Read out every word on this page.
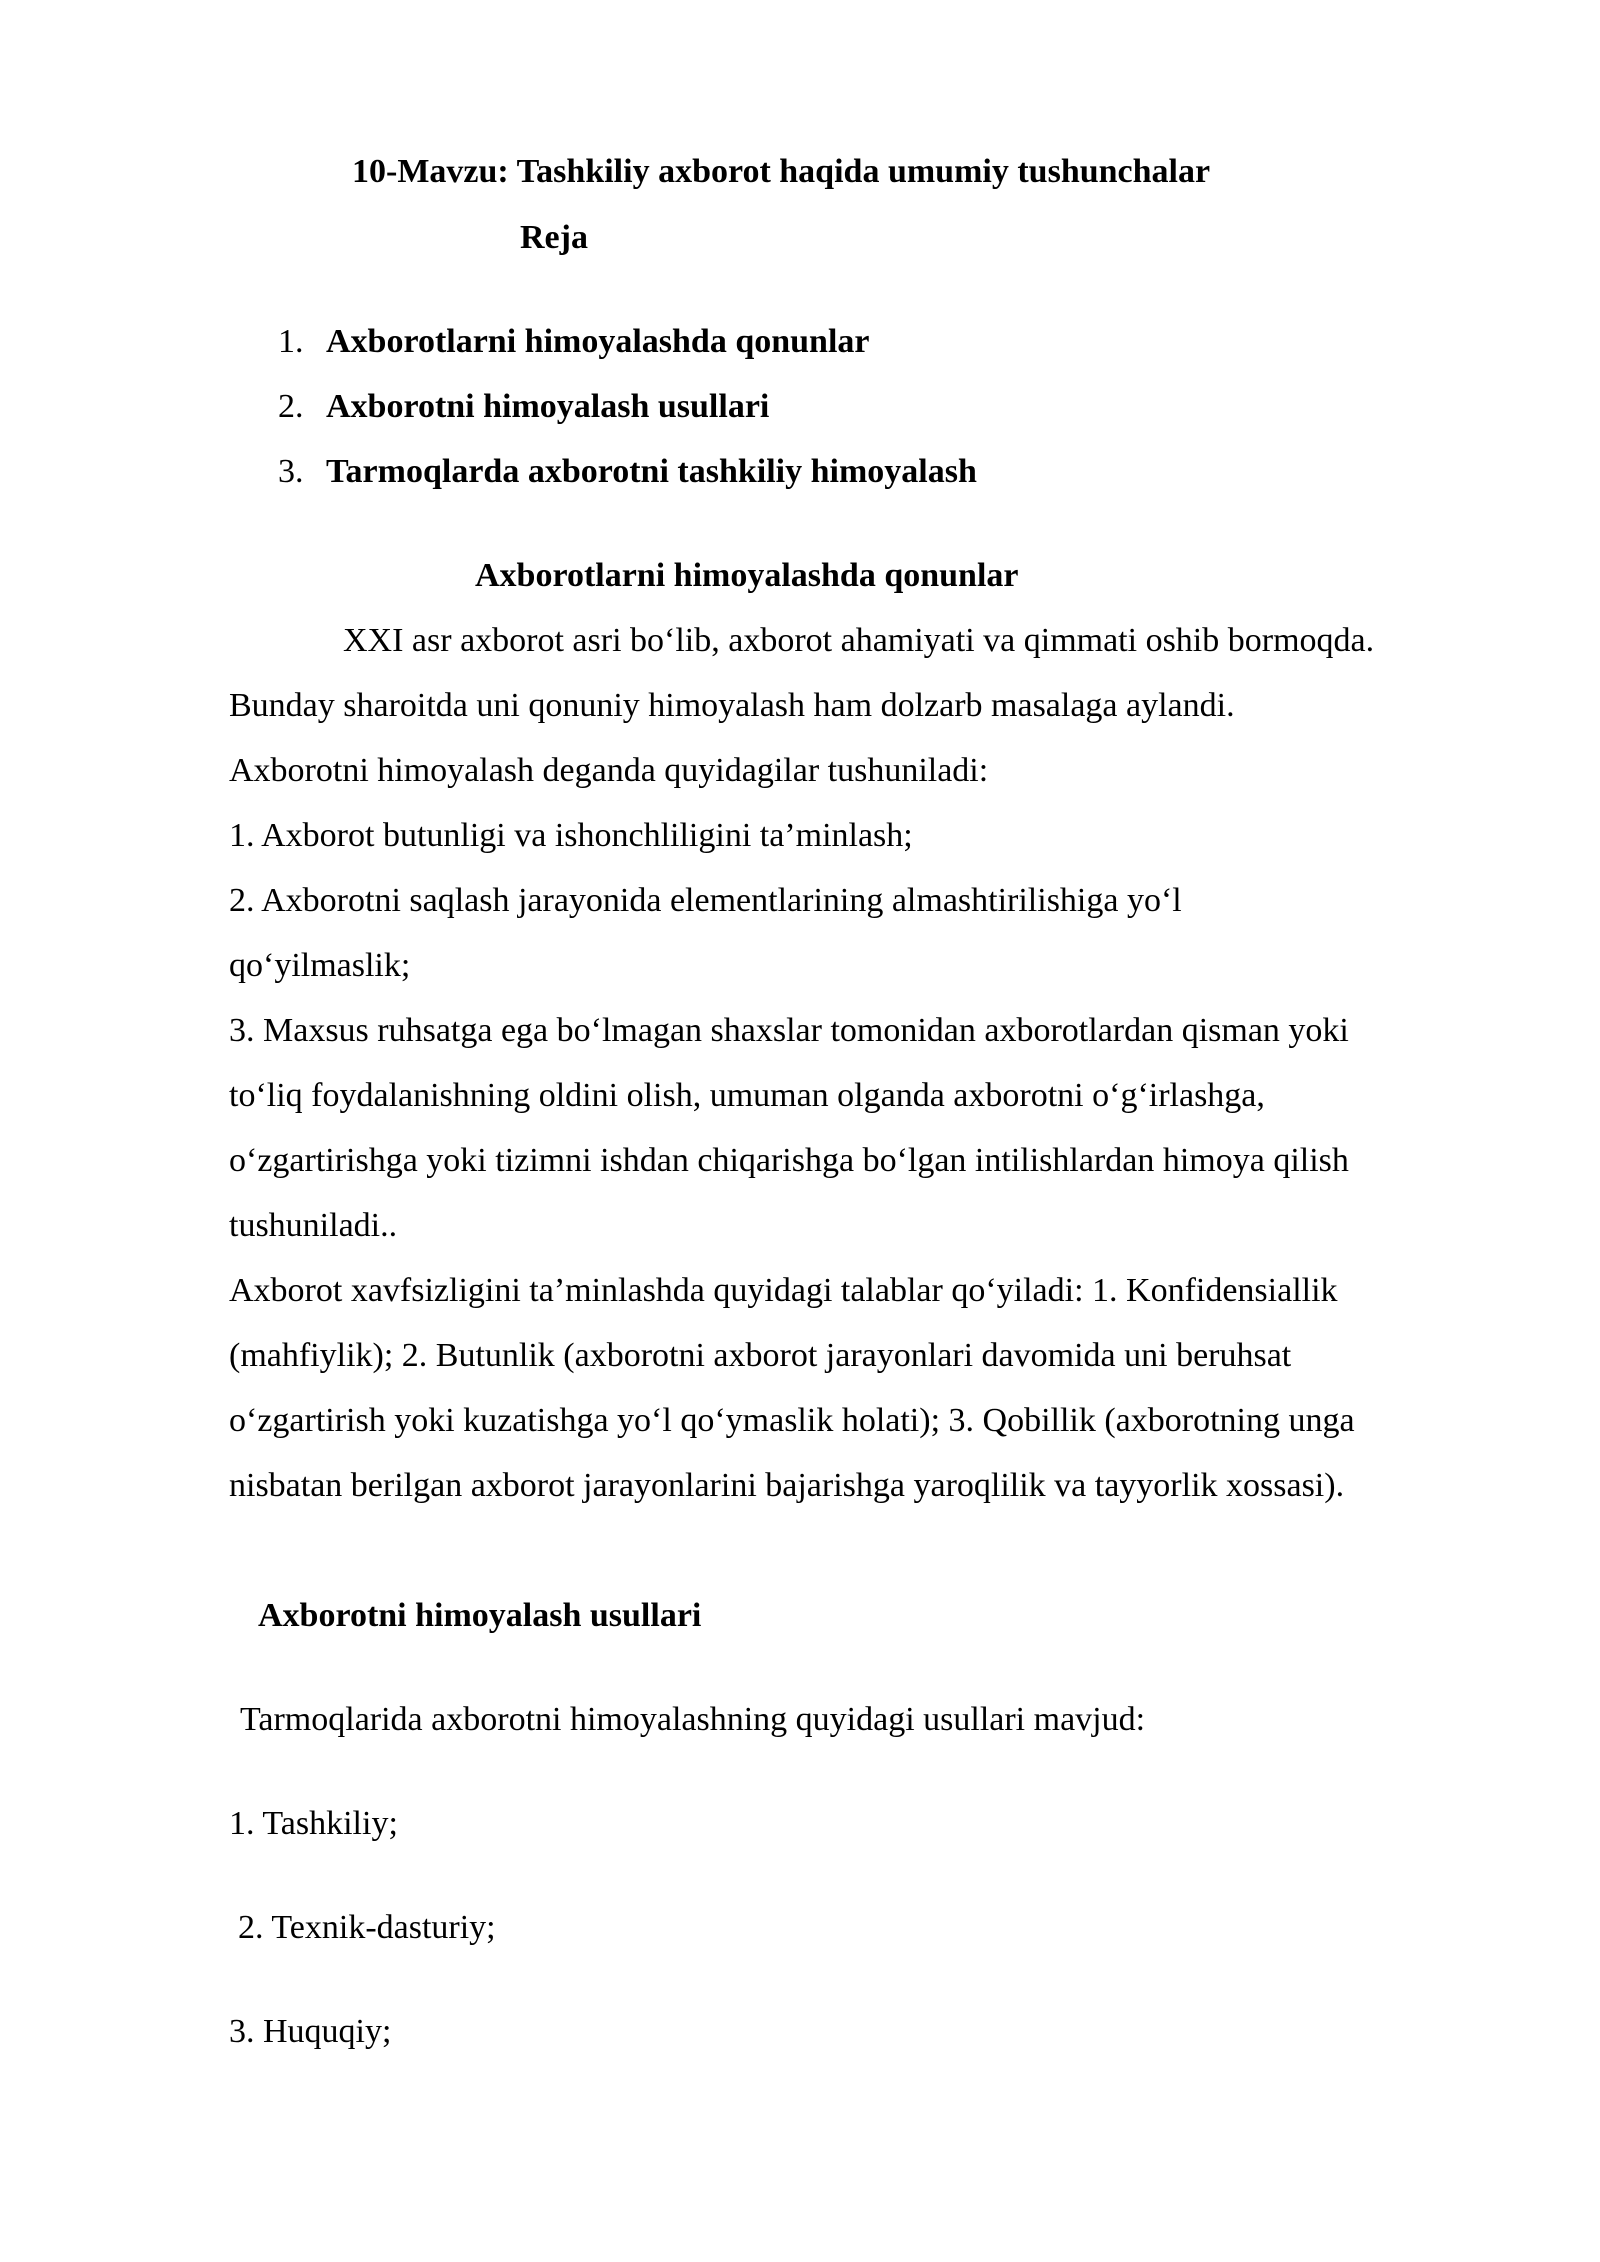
10-Mavzu: Tashkiliy axborot haqida umumiy tushunchalar

Reja

1. Axborotlarni himoyalashda qonunlar

2. Axborotni himoyalash usullari

3. Tarmoqlarda axborotni tashkiliy himoyalash

Axborotlarni himoyalashda qonunlar

XXI asr axborot asri bo‘lib, axborot ahamiyati va qimmati oshib bormoqda.

Bunday sharoitda uni qonuniy himoyalash ham dolzarb masalaga aylandi.

Axborotni himoyalash deganda quyidagilar tushuniladi:

1. Axborot butunligi va ishonchliligini ta’minlash;

2. Axborotni saqlash jarayonida elementlarining almashtirilishiga yo‘l

qo‘yilmaslik;

3. Maxsus ruhsatga ega bo‘lmagan shaxslar tomonidan axborotlardan qisman yoki

to‘liq foydalanishning oldini olish, umuman olganda axborotni o‘g‘irlashga,

o‘zgartirishga yoki tizimni ishdan chiqarishga bo‘lgan intilishlardan himoya qilish

tushuniladi..

Axborot xavfsizligini ta’minlashda quyidagi talablar qo‘yiladi: 1. Konfidensiallik

(mahfiylik); 2. Butunlik (axborotni axborot jarayonlari davomida uni beruhsat

o‘zgartirish yoki kuzatishga yo‘l qo‘ymaslik holati); 3. Qobillik (axborotning unga

nisbatan berilgan axborot jarayonlarini bajarishga yaroqlilik va tayyorlik xossasi).

Axborotni himoyalash usullari

Tarmoqlarida axborotni himoyalashning quyidagi usullari mavjud:

1. Tashkiliy;

2. Texnik-dasturiy;

3. Huquqiy;
